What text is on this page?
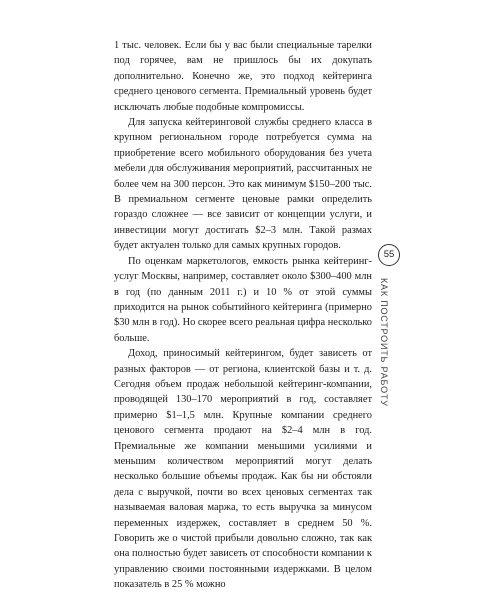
1 тыс. человек. Если бы у вас были специальные тарелки под горячее, вам не пришлось бы их докупать дополнительно. Конечно же, это подход кейтеринга среднего ценового сегмента. Премиальный уровень будет исключать любые подобные компромиссы.

Для запуска кейтеринговой службы среднего класса в крупном региональном городе потребуется сумма на приобретение всего мобильного оборудования без учета мебели для обслуживания мероприятий, рассчитанных не более чем на 300 персон. Это как минимум $150–200 тыс. В премиальном сегменте ценовые рамки определить гораздо сложнее — все зависит от концепции услуги, и инвестиции могут достигать $2–3 млн. Такой размах будет актуален только для самых крупных городов.

По оценкам маркетологов, емкость рынка кейтеринг-услуг Москвы, например, составляет около $300–400 млн в год (по данным 2011 г.) и 10 % от этой суммы приходится на рынок событийного кейтеринга (примерно $30 млн в год). Но скорее всего реальная цифра несколько больше.

Доход, приносимый кейтерингом, будет зависеть от разных факторов — от региона, клиентской базы и т. д. Сегодня объем продаж небольшой кейтеринг-компании, проводящей 130–170 мероприятий в год, составляет примерно $1–1,5 млн. Крупные компании среднего ценового сегмента продают на $2–4 млн в год. Премиальные же компании меньшими усилиями и меньшим количеством мероприятий могут делать несколько большие объемы продаж. Как бы ни обстояли дела с выручкой, почти во всех ценовых сегментах так называемая валовая маржа, то есть выручка за минусом переменных издержек, составляет в среднем 50 %. Говорить же о чистой прибыли довольно сложно, так как она полностью будет зависеть от способности компании к управлению своими постоянными издержками. В целом показатель в 25 % можно

55
КАК ПОСТРОИТЬ РАБОТУ
